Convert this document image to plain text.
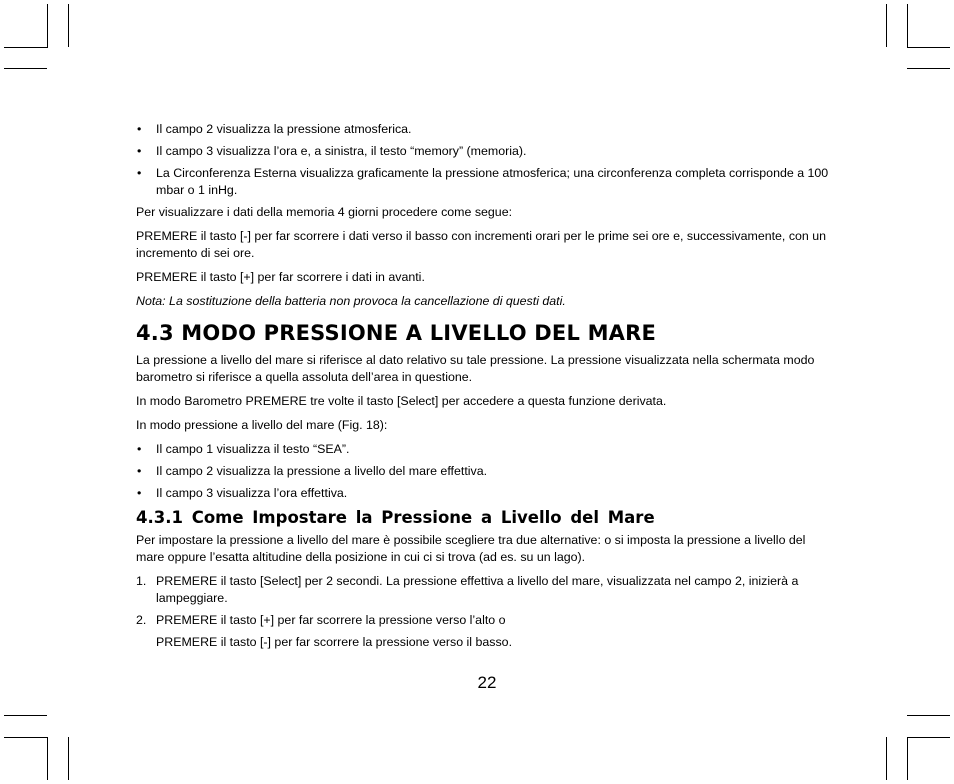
• Il campo 2 visualizza la pressione atmosferica.
• Il campo 3 visualizza l’ora e, a sinistra, il testo “memory” (memoria).
• La Circonferenza Esterna visualizza graficamente la pressione atmosferica; una circonferenza completa corrisponde a 100 mbar o 1 inHg.

Per visualizzare i dati della memoria 4 giorni procedere come segue:

PREMERE il tasto [-] per far scorrere i dati verso il basso con incrementi orari per le prime sei ore e, successivamente, con un incremento di sei ore.

PREMERE il tasto [+] per far scorrere i dati in avanti.

Nota: La sostituzione della batteria non provoca la cancellazione di questi dati.

4.3 MODO PRESSIONE A LIVELLO DEL MARE

La pressione a livello del mare si riferisce al dato relativo su tale pressione. La pressione visualizzata nella schermata modo barometro si riferisce a quella assoluta dell’area in questione.

In modo Barometro PREMERE tre volte il tasto [Select] per accedere a questa funzione derivata.

In modo pressione a livello del mare (Fig. 18):

• Il campo 1 visualizza il testo “SEA”.
• Il campo 2 visualizza la pressione a livello del mare effettiva.
• Il campo 3 visualizza l’ora effettiva.
4.3.1 Come Impostare la Pressione a Livello del Mare

Per impostare la pressione a livello del mare è possibile scegliere tra due alternative: o si imposta la pressione a livello del mare oppure l’esatta altitudine della posizione in cui ci si trova (ad es. su un lago).

1. PREMERE il tasto [Select] per 2 secondi. La pressione effettiva a livello del mare, visualizzata nel campo 2, inizierà a lampeggiare.
2. PREMERE il tasto [+] per far scorrere la pressione verso l’alto o

PREMERE il tasto [-] per far scorrere la pressione verso il basso.

22
